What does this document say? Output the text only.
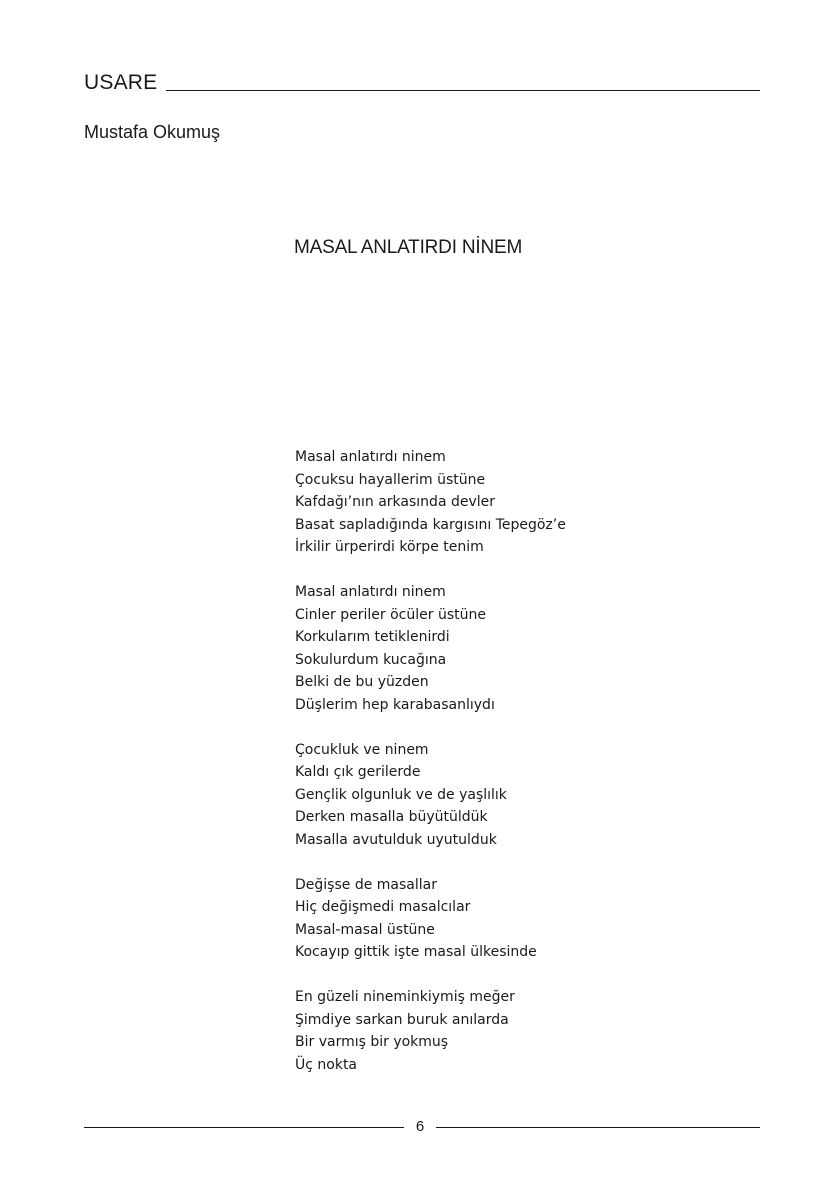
USARE
Mustafa Okumuş
MASAL ANLATIRDI NİNEM
Masal anlatırdı ninem
Çocuksu hayallerim üstüne
Kafdağı’nın arkasında devler
Basat sapladığında kargısını Tepegöz’e
İrkilir ürperirdi körpe tenim
Masal anlatırdı ninem
Cinler periler öcüler üstüne
Korkularım tetiklenirdi
Sokulurdum kucağına
Belki de bu yüzden
Düşlerim hep karabasanlıydı
Çocukluk ve ninem
Kaldı çık gerilerde
Gençlik olgunluk ve de yaşlılık
Derken masalla büyütüldük
Masalla avutulduk uyutulduk
Değişse de masallar
Hiç değişmedi masalcılar
Masal-masal üstüne
Kocayıp gittik işte masal ülkesinde
En güzeli nineminkiymiş meğer
Şimdiye sarkan buruk anılarda
Bir varmış bir yokmuş
Üç nokta
6
